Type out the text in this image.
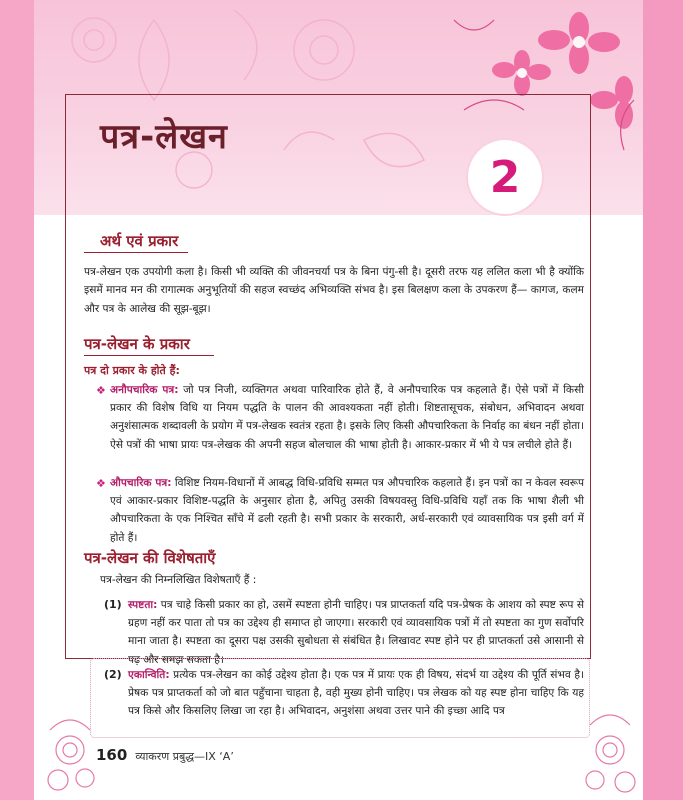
पत्र-लेखन
2
अर्थ एवं प्रकार
पत्र-लेखन एक उपयोगी कला है। किसी भी व्यक्ति की जीवनचर्या पत्र के बिना पंगु-सी है। दूसरी तरफ यह ललित कला भी है क्योंकि इसमें मानव मन की रागात्मक अनुभूतियों की सहज स्वच्छंद अभिव्यक्ति संभव है। इस बिलक्षण कला के उपकरण हैं— कागज, कलम और पत्र के आलेख की सूझ-बूझ।
पत्र-लेखन के प्रकार
पत्र दो प्रकार के होते हैं:
❖ अनौपचारिक पत्र: जो पत्र निजी, व्यक्तिगत अथवा पारिवारिक होते हैं, वे अनौपचारिक पत्र कहलाते हैं। ऐसे पत्रों में किसी प्रकार की विशेष विधि या नियम पद्धति के पालन की आवश्यकता नहीं होती। शिष्टतासूचक, संबोधन, अभिवादन अथवा अनुशंसात्मक शब्दावली के प्रयोग में पत्र-लेखक स्वतंत्र रहता है। इसके लिए किसी औपचारिकता के निर्वाह का बंधन नहीं होता। ऐसे पत्रों की भाषा प्रायः पत्र-लेखक की अपनी सहज बोलचाल की भाषा होती है। आकार-प्रकार में भी ये पत्र लचीले होते हैं।
❖ औपचारिक पत्र: विशिष्ट नियम-विधानों में आबद्ध विधि-प्रविधि सम्मत पत्र औपचारिक कहलाते हैं। इन पत्रों का न केवल स्वरूप एवं आकार-प्रकार विशिष्ट-पद्धति के अनुसार होता है, अपितु उसकी विषयवस्तु विधि-प्रविधि यहाँ तक कि भाषा शैली भी औपचारिकता के एक निश्चित साँचे में ढली रहती है। सभी प्रकार के सरकारी, अर्ध-सरकारी एवं व्यावसायिक पत्र इसी वर्ग में होते हैं।
पत्र-लेखन की विशेषताएँ
पत्र-लेखन की निम्नलिखित विशेषताएँ हैं :
(1) स्पष्टता: पत्र चाहे किसी प्रकार का हो, उसमें स्पष्टता होनी चाहिए। पत्र प्राप्तकर्ता यदि पत्र-प्रेषक के आशय को स्पष्ट रूप से ग्रहण नहीं कर पाता तो पत्र का उद्देश्य ही समाप्त हो जाएगा। सरकारी एवं व्यावसायिक पत्रों में तो स्पष्टता का गुण सर्वोपरि माना जाता है। स्पष्टता का दूसरा पक्ष उसकी सुबोधता से संबंधित है। लिखावट स्पष्ट होने पर ही प्राप्तकर्ता उसे आसानी से पढ़ और समझ सकता है।
(2) एकान्विति: प्रत्येक पत्र-लेखन का कोई उद्देश्य होता है। एक पत्र में प्रायः एक ही विषय, संदर्भ या उद्देश्य की पूर्ति संभव है। प्रेषक पत्र प्राप्तकर्ता को जो बात पहुँचाना चाहता है, वही मुख्य होनी चाहिए। पत्र लेखक को यह स्पष्ट होना चाहिए कि यह पत्र किसे और किसलिए लिखा जा रहा है। अभिवादन, अनुशंसा अथवा उत्तर पाने की इच्छा आदि पत्र
160 व्याकरण प्रबुद्ध—IX ‘A’
